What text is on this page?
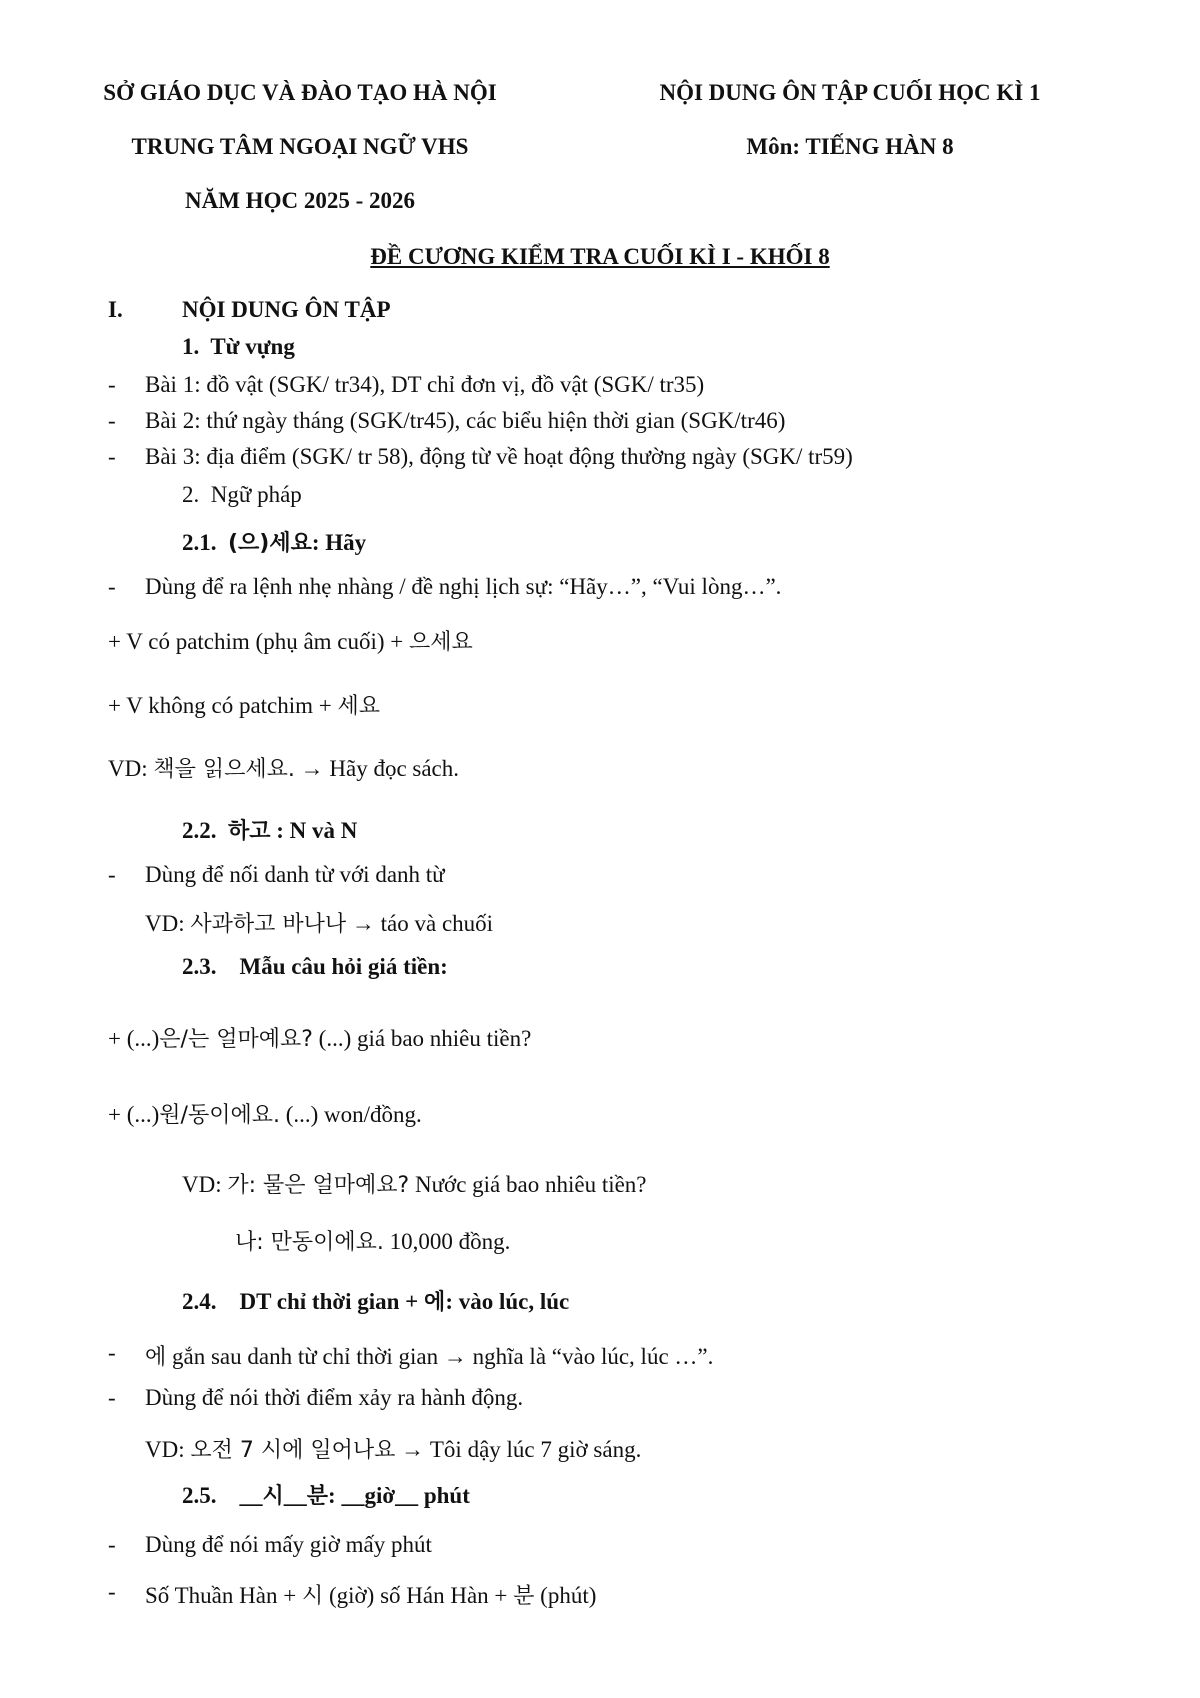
SỞ GIÁO DỤC VÀ ĐÀO TẠO HÀ NỘI
TRUNG TÂM NGOẠI NGỮ VHS
NĂM HỌC 2025 - 2026
NỘI DUNG ÔN TẬP CUỐI HỌC KÌ 1
Môn: TIẾNG HÀN 8
ĐỀ CƯƠNG KIỂM TRA CUỐI KÌ I - KHỐI 8
I.	NỘI DUNG ÔN TẬP
1. Từ vựng
- Bài 1: đồ vật (SGK/ tr34), DT chỉ đơn vị, đồ vật (SGK/ tr35)
- Bài 2: thứ ngày tháng (SGK/tr45), các biểu hiện thời gian (SGK/tr46)
- Bài 3: địa điểm (SGK/ tr 58), động từ về hoạt động thường ngày (SGK/ tr59)
2. Ngữ pháp
2.1. (으)세요: Hãy
- Dùng để ra lệnh nhẹ nhàng / đề nghị lịch sự: “Hãy…”, “Vui lòng…”.
+ V có patchim (phụ âm cuối) + 으세요
+ V không có patchim + 세요
VD: 책을 읽으세요. → Hãy đọc sách.
2.2. 하고 : N và N
- Dùng để nối danh từ với danh từ
VD: 사과하고 바나나 → táo và chuối
2.3. Mẫu câu hỏi giá tiền:
+ (...)은/는 얼마예요? (...) giá bao nhiêu tiền?
+ (...)원/동이에요. (...) won/đồng.
VD: 가: 물은 얼마예요? Nước giá bao nhiêu tiền?
나: 만동이에요. 10,000 đồng.
2.4. DT chỉ thời gian + 에: vào lúc, lúc
- 에 gắn sau danh từ chỉ thời gian → nghĩa là “vào lúc, lúc …”.
- Dùng để nói thời điểm xảy ra hành động.
VD: 오전 7 시에 일어나요 → Tôi dậy lúc 7 giờ sáng.
2.5. __시__분: __giờ__ phút
- Dùng để nói mấy giờ mấy phút
- Số Thuần Hàn + 시 (giờ) số Hán Hàn + 분 (phút)
